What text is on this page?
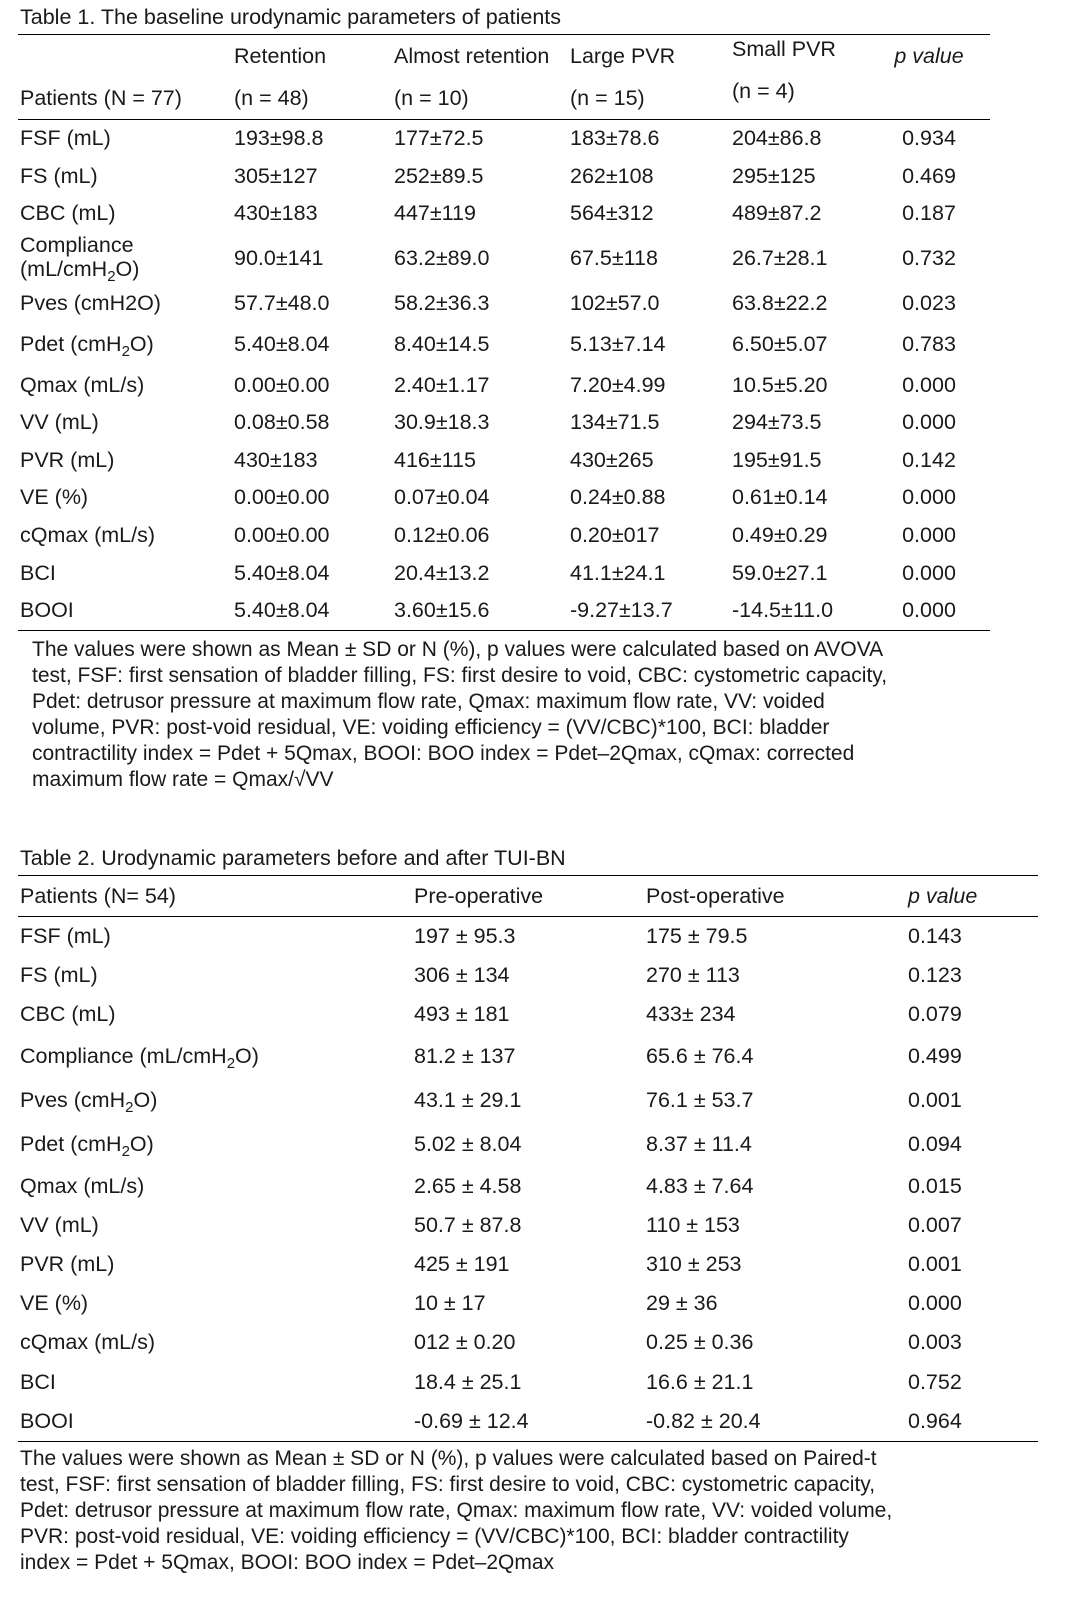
Table 1. The baseline urodynamic parameters of patients
	Retention	Almost retention	Large PVR	Small PVR	p value
Patients (N = 77)	(n = 48)	(n = 10)	(n = 15)	(n = 4)	
FSF (mL)	193±98.8	177±72.5	183±78.6	204±86.8	0.934
FS (mL)	305±127	252±89.5	262±108	295±125	0.469
CBC (mL)	430±183	447±119	564±312	489±87.2	0.187
Compliance
(mL/cmH$_2$O)	90.0±141	63.2±89.0	67.5±118	26.7±28.1	0.732
Pves (cmH2O)	57.7±48.0	58.2±36.3	102±57.0	63.8±22.2	0.023
Pdet (cmH$_2$O)	5.40±8.04	8.40±14.5	5.13±7.14	6.50±5.07	0.783
Qmax (mL/s)	0.00±0.00	2.40±1.17	7.20±4.99	10.5±5.20	0.000
VV (mL)	0.08±0.58	30.9±18.3	134±71.5	294±73.5	0.000
PVR (mL)	430±183	416±115	430±265	195±91.5	0.142
VE (%)	0.00±0.00	0.07±0.04	0.24±0.88	0.61±0.14	0.000
cQmax (mL/s)	0.00±0.00	0.12±0.06	0.20±017	0.49±0.29	0.000
BCI	5.40±8.04	20.4±13.2	41.1±24.1	59.0±27.1	0.000
BOOI	5.40±8.04	3.60±15.6	-9.27±13.7	-14.5±11.0	0.000
The values were shown as Mean ± SD or N (%), p values were calculated based on AVOVA
test, FSF: first sensation of bladder filling, FS: first desire to void, CBC: cystometric capacity,
Pdet: detrusor pressure at maximum flow rate, Qmax: maximum flow rate, VV: voided
volume, PVR: post-void residual, VE: voiding efficiency = (VV/CBC)*100, BCI: bladder
contractility index = Pdet + 5Qmax, BOOI: BOO index = Pdet–2Qmax, cQmax: corrected
maximum flow rate = Qmax/√VV
Table 2. Urodynamic parameters before and after TUI-BN
Patients (N= 54)	Pre-operative	Post-operative	p value
FSF (mL)	197 ± 95.3	175 ± 79.5	0.143
FS (mL)	306 ± 134	270 ± 113	0.123
CBC (mL)	493 ± 181	433± 234	0.079
Compliance (mL/cmH$_2$O)	81.2 ± 137	65.6 ± 76.4	0.499
Pves (cmH$_2$O)	43.1 ± 29.1	76.1 ± 53.7	0.001
Pdet (cmH$_2$O)	5.02 ± 8.04	8.37 ± 11.4	0.094
Qmax (mL/s)	2.65 ± 4.58	4.83 ± 7.64	0.015
VV (mL)	50.7 ± 87.8	110 ± 153	0.007
PVR (mL)	425 ± 191	310 ± 253	0.001
VE (%)	10 ± 17	29 ± 36	0.000
cQmax (mL/s)	012 ± 0.20	0.25 ± 0.36	0.003
BCI	18.4 ± 25.1	16.6 ± 21.1	0.752
BOOI	-0.69 ± 12.4	-0.82 ± 20.4	0.964
The values were shown as Mean ± SD or N (%), p values were calculated based on Paired-t
test, FSF: first sensation of bladder filling, FS: first desire to void, CBC: cystometric capacity,
Pdet: detrusor pressure at maximum flow rate, Qmax: maximum flow rate, VV: voided volume,
PVR: post-void residual, VE: voiding efficiency = (VV/CBC)*100, BCI: bladder contractility
index = Pdet + 5Qmax, BOOI: BOO index = Pdet–2Qmax
